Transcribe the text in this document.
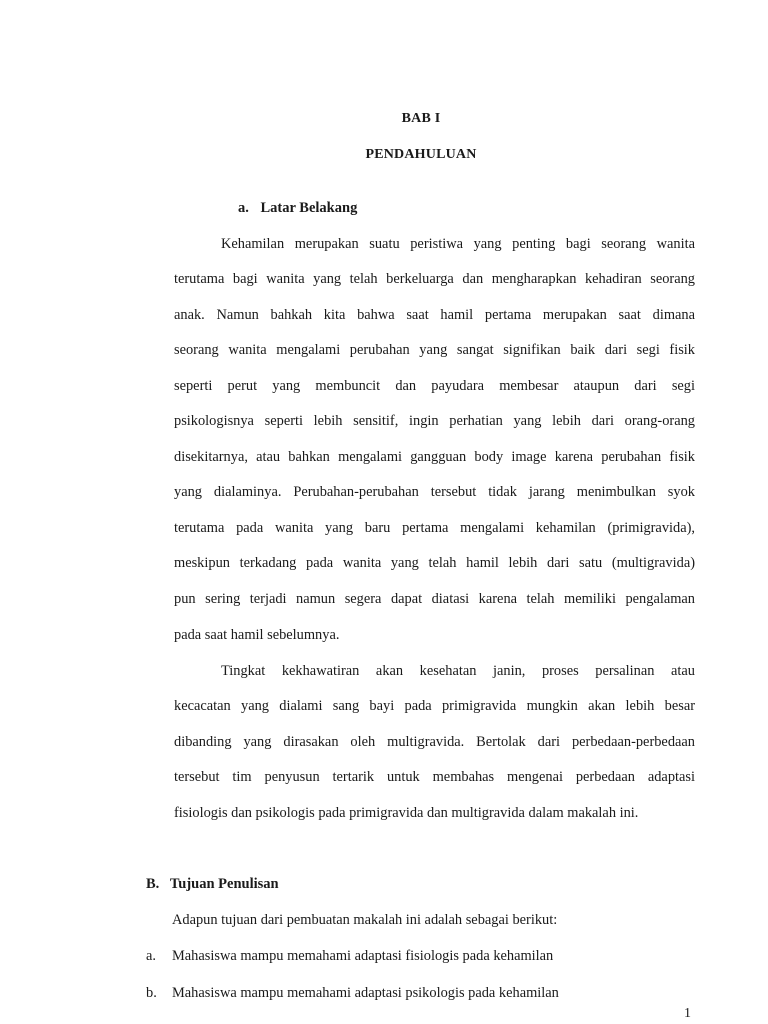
BAB I
PENDAHULUAN
a. Latar Belakang
Kehamilan merupakan suatu peristiwa yang penting bagi seorang wanita
terutama bagi wanita yang telah berkeluarga dan mengharapkan kehadiran seorang
anak. Namun bahkah kita bahwa saat hamil pertama merupakan saat dimana
seorang wanita mengalami perubahan yang sangat signifikan baik dari segi fisik
seperti perut yang membuncit dan payudara membesar ataupun dari segi
psikologisnya seperti lebih sensitif, ingin perhatian yang lebih dari orang-orang
disekitarnya, atau bahkan mengalami gangguan body image karena perubahan fisik
yang dialaminya. Perubahan-perubahan tersebut tidak jarang menimbulkan syok
terutama pada wanita yang baru pertama mengalami kehamilan (primigravida),
meskipun terkadang pada wanita yang telah hamil lebih dari satu (multigravida)
pun sering terjadi namun segera dapat diatasi karena telah memiliki pengalaman
pada saat hamil sebelumnya.
Tingkat kekhawatiran akan kesehatan janin, proses persalinan atau
kecacatan yang dialami sang bayi pada primigravida mungkin akan lebih besar
dibanding yang dirasakan oleh multigravida. Bertolak dari perbedaan-perbedaan
tersebut tim penyusun tertarik untuk membahas mengenai perbedaan adaptasi
fisiologis dan psikologis pada primigravida dan multigravida dalam makalah ini.
B. Tujuan Penulisan
Adapun tujuan dari pembuatan makalah ini adalah sebagai berikut:
a. Mahasiswa mampu memahami adaptasi fisiologis pada kehamilan
b. Mahasiswa mampu memahami adaptasi psikologis pada kehamilan
1
